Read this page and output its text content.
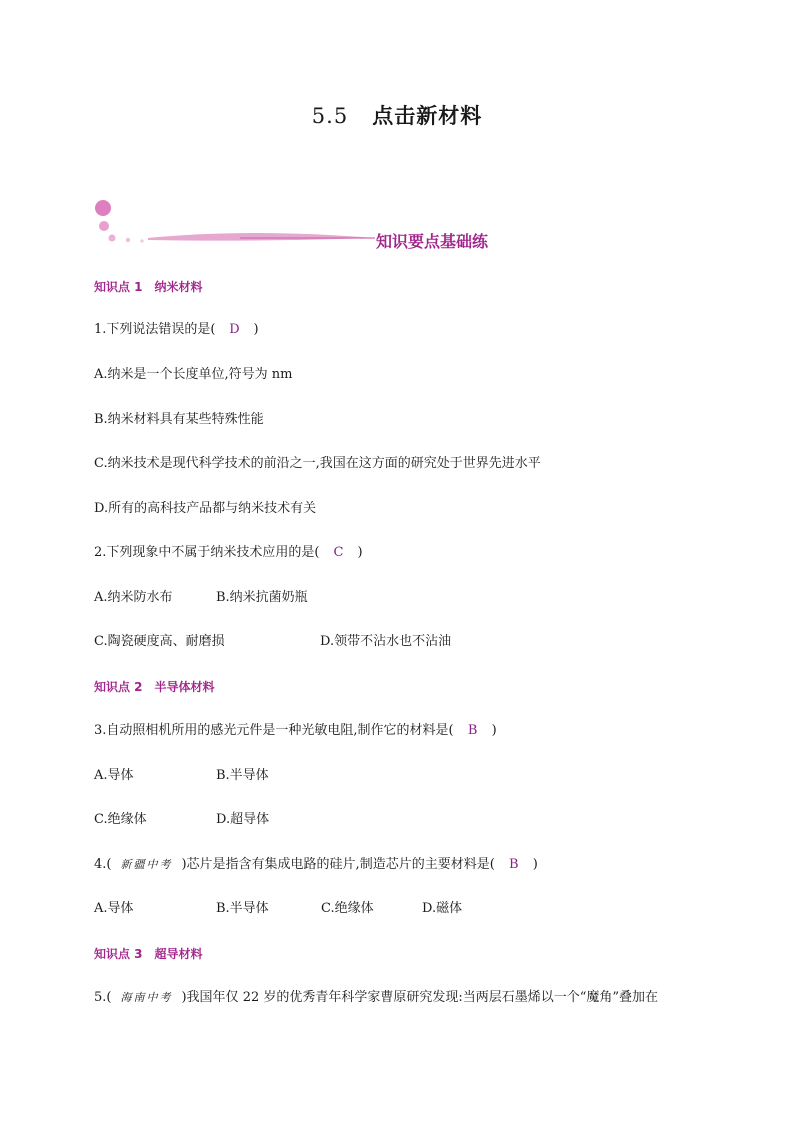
5.5 点击新材料
知识要点基础练
知识点 1　纳米材料
1.下列说法错误的是( D )
A.纳米是一个长度单位,符号为 nm
B.纳米材料具有某些特殊性能
C.纳米技术是现代科学技术的前沿之一,我国在这方面的研究处于世界先进水平
D.所有的高科技产品都与纳米技术有关
2.下列现象中不属于纳米技术应用的是( C )
A.纳米防水布	B.纳米抗菌奶瓶
C.陶瓷硬度高、耐磨损	D.领带不沾水也不沾油
知识点 2　半导体材料
3.自动照相机所用的感光元件是一种光敏电阻,制作它的材料是( B )
A.导体	B.半导体
C.绝缘体	D.超导体
4.( 新疆中考 )芯片是指含有集成电路的硅片,制造芯片的主要材料是( B )
A.导体	B.半导体	C.绝缘体	D.磁体
知识点 3　超导材料
5.( 海南中考 )我国年仅 22 岁的优秀青年科学家曹原研究发现:当两层石墨烯以一个“魔角”叠加在
